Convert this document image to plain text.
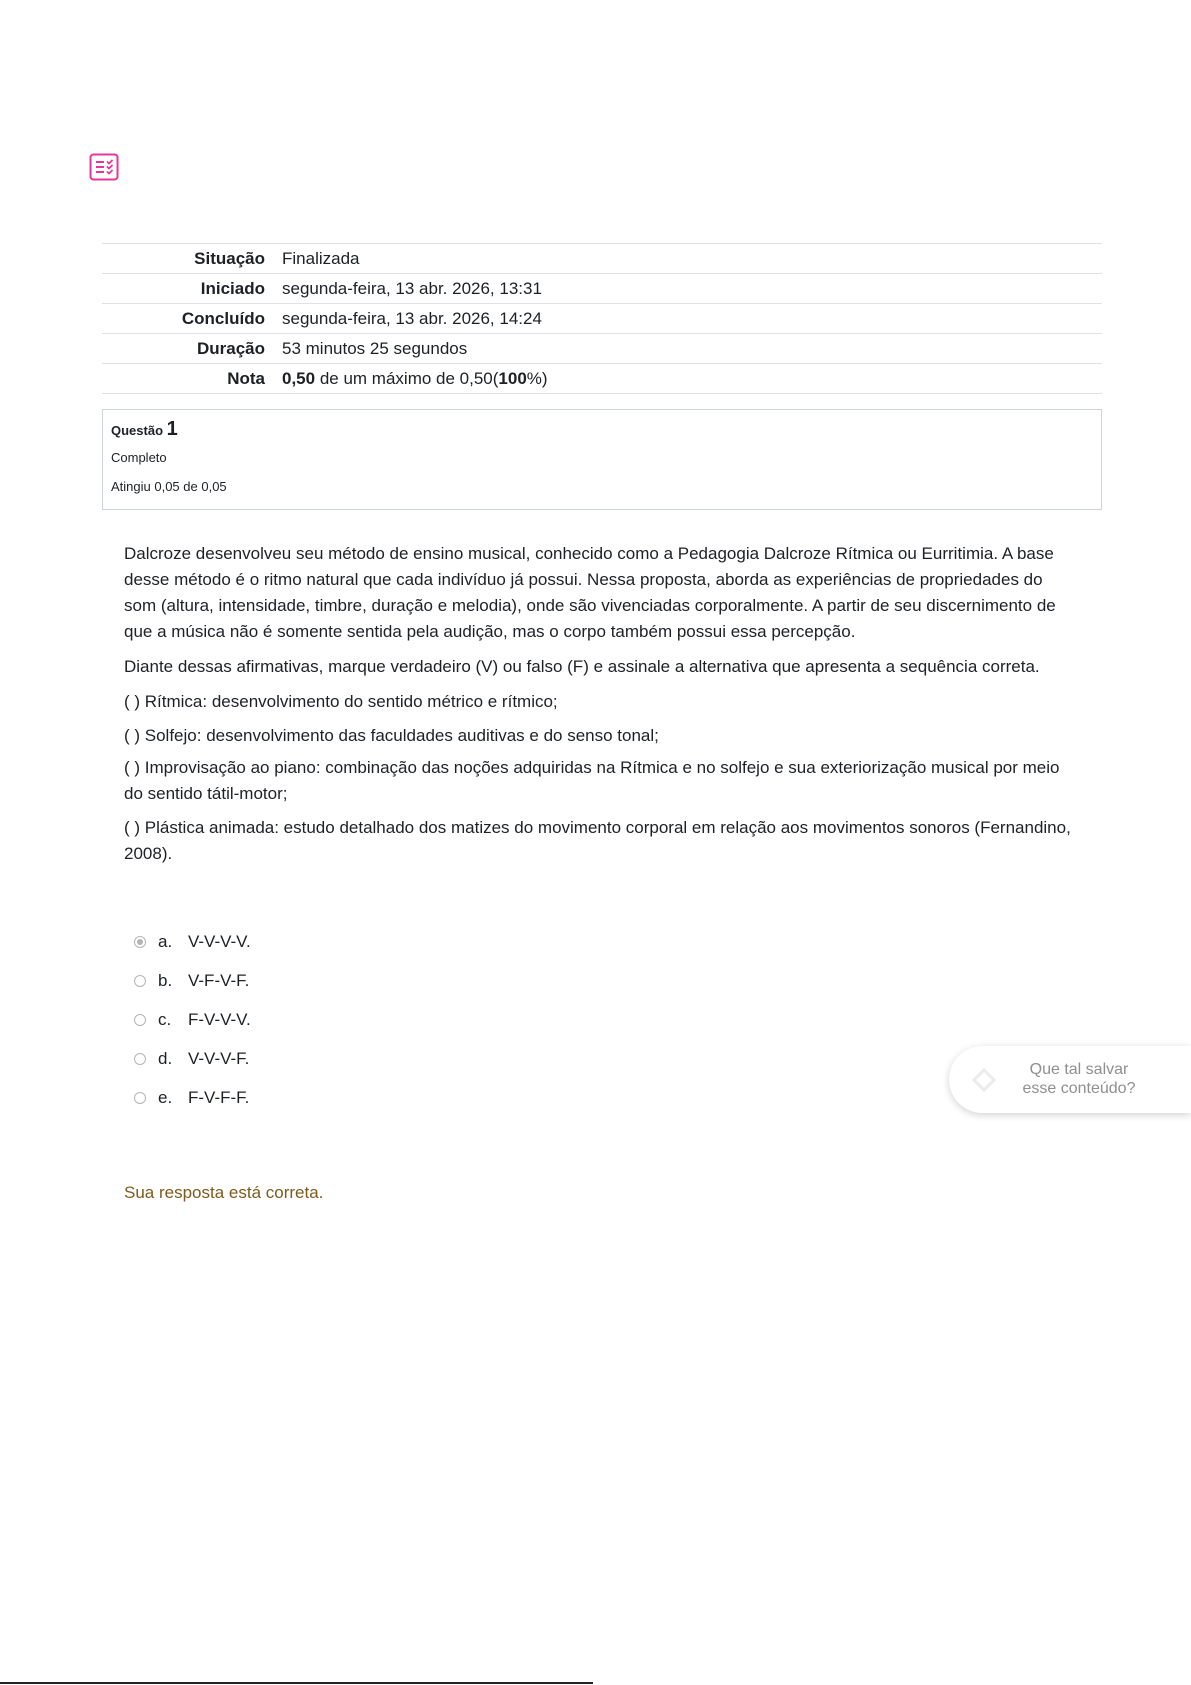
Situação	Finalizada
Iniciado	segunda-feira, 13 abr. 2026, 13:31
Concluído	segunda-feira, 13 abr. 2026, 14:24
Duração	53 minutos 25 segundos
Nota	0,50 de um máximo de 0,50(100%)
Questão 1
Completo
Atingiu 0,05 de 0,05

Dalcroze desenvolveu seu método de ensino musical, conhecido como a Pedagogia Dalcroze Rítmica ou Eurritimia. A base desse método é o ritmo natural que cada indivíduo já possui. Nessa proposta, aborda as experiências de propriedades do som (altura, intensidade, timbre, duração e melodia), onde são vivenciadas corporalmente. A partir de seu discernimento de que a música não é somente sentida pela audição, mas o corpo também possui essa percepção.

Diante dessas afirmativas, marque verdadeiro (V) ou falso (F) e assinale a alternativa que apresenta a sequência correta.

( ) Rítmica: desenvolvimento do sentido métrico e rítmico;

( ) Solfejo: desenvolvimento das faculdades auditivas e do senso tonal;

( ) Improvisação ao piano: combinação das noções adquiridas na Rítmica e no solfejo e sua exteriorização musical por meio do sentido tátil-motor;

( ) Plástica animada: estudo detalhado dos matizes do movimento corporal em relação aos movimentos sonoros (Fernandino, 2008).

a. V-V-V-V.
b. V-F-V-F.
c. F-V-V-V.
d. V-V-V-F.
e. F-V-F-F.
Sua resposta está correta.
Que tal salvar
esse conteúdo?
